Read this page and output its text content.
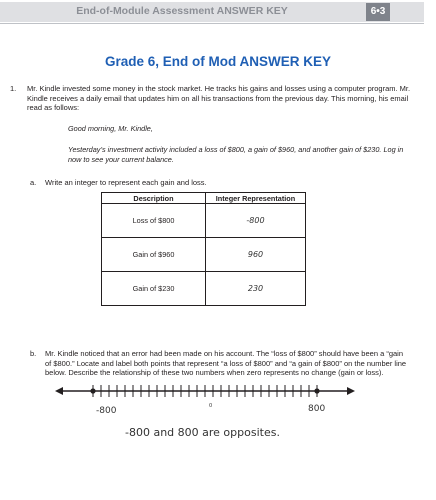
End-of-Module Assessment ANSWER KEY	6•3
Grade 6, End of Mod ANSWER KEY
1. Mr. Kindle invested some money in the stock market. He tracks his gains and losses using a computer program. Mr. Kindle receives a daily email that updates him on all his transactions from the previous day. This morning, his email read as follows:
Good morning, Mr. Kindle,
Yesterday’s investment activity included a loss of $800, a gain of $960, and another gain of $230. Log in now to see your current balance.
a. Write an integer to represent each gain and loss.
Description	Integer Representation
Loss of $800	-800
Gain of $960	960
Gain of $230	230
b. Mr. Kindle noticed that an error had been made on his account. The “loss of $800” should have been a “gain of $800.” Locate and label both points that represent “a loss of $800” and “a gain of $800” on the number line below. Describe the relationship of these two numbers when zero represents no change (gain or loss).
-800	0	800
-800 and 800 are opposites.
